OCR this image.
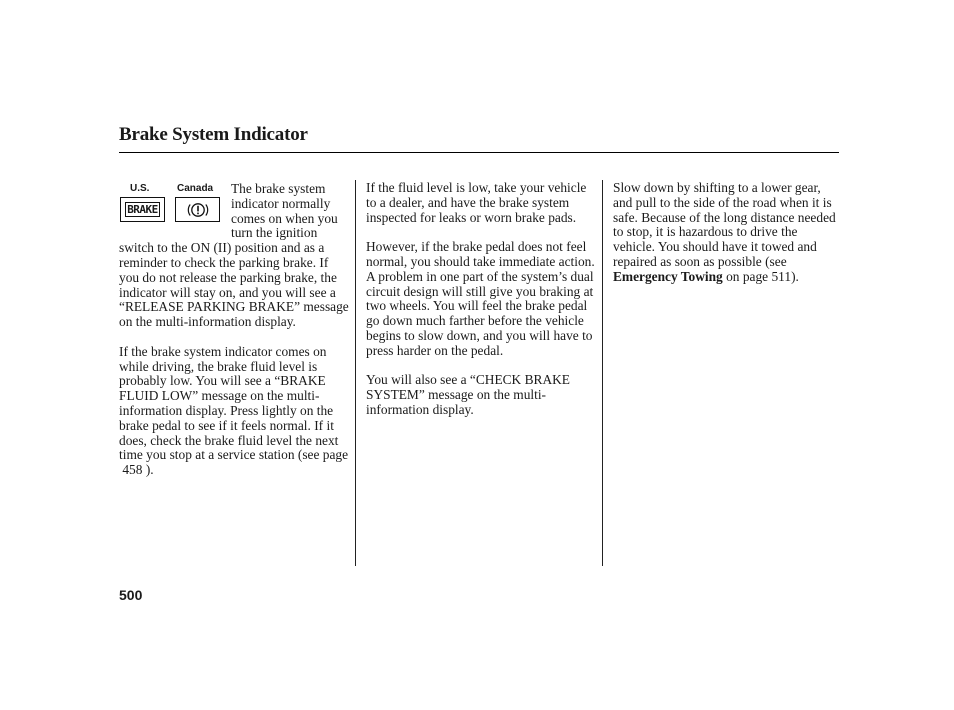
Brake System Indicator
U.S.	Canada
BRAKE

The brake system indicator normally comes on when you turn the ignition switch to the ON (II) position and as a reminder to check the parking brake. If you do not release the parking brake, the indicator will stay on, and you will see a “RELEASE PARKING BRAKE” message on the multi-information display.

If the brake system indicator comes on while driving, the brake fluid level is probably low. You will see a “BRAKE FLUID LOW” message on the multi-information display. Press lightly on the brake pedal to see if it feels normal. If it does, check the brake fluid level the next time you stop at a service station (see page
458 ).

If the fluid level is low, take your vehicle to a dealer, and have the brake system inspected for leaks or worn brake pads.

However, if the brake pedal does not feel normal, you should take immediate action. A problem in one part of the system’s dual circuit design will still give you braking at two wheels. You will feel the brake pedal go down much farther before the vehicle begins to slow down, and you will have to press harder on the pedal.

You will also see a “CHECK BRAKE SYSTEM” message on the multi-information display.

Slow down by shifting to a lower gear, and pull to the side of the road when it is safe. Because of the long distance needed to stop, it is hazardous to drive the vehicle. You should have it towed and repaired as soon as possible (see Emergency Towing on page 511).

500
